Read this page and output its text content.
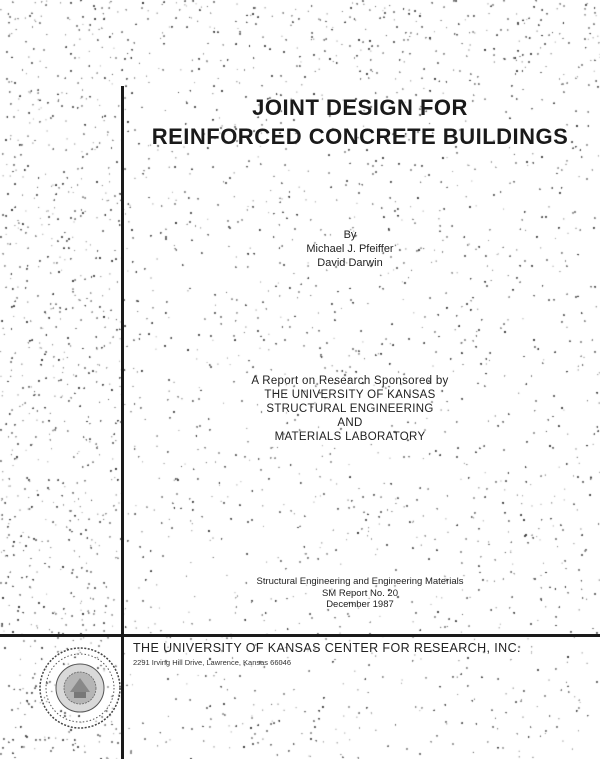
JOINT DESIGN FOR
REINFORCED CONCRETE BUILDINGS
By
Michael J. Pfeiffer
David Darwin
A Report on Research Sponsored by
THE UNIVERSITY OF KANSAS
STRUCTURAL ENGINEERING
AND
MATERIALS LABORATORY
Structural Engineering and Engineering Materials
SM Report No. 20
December 1987
THE UNIVERSITY OF KANSAS CENTER FOR RESEARCH, INC.
2291 Irving Hill Drive, Lawrence, Kansas 66046
